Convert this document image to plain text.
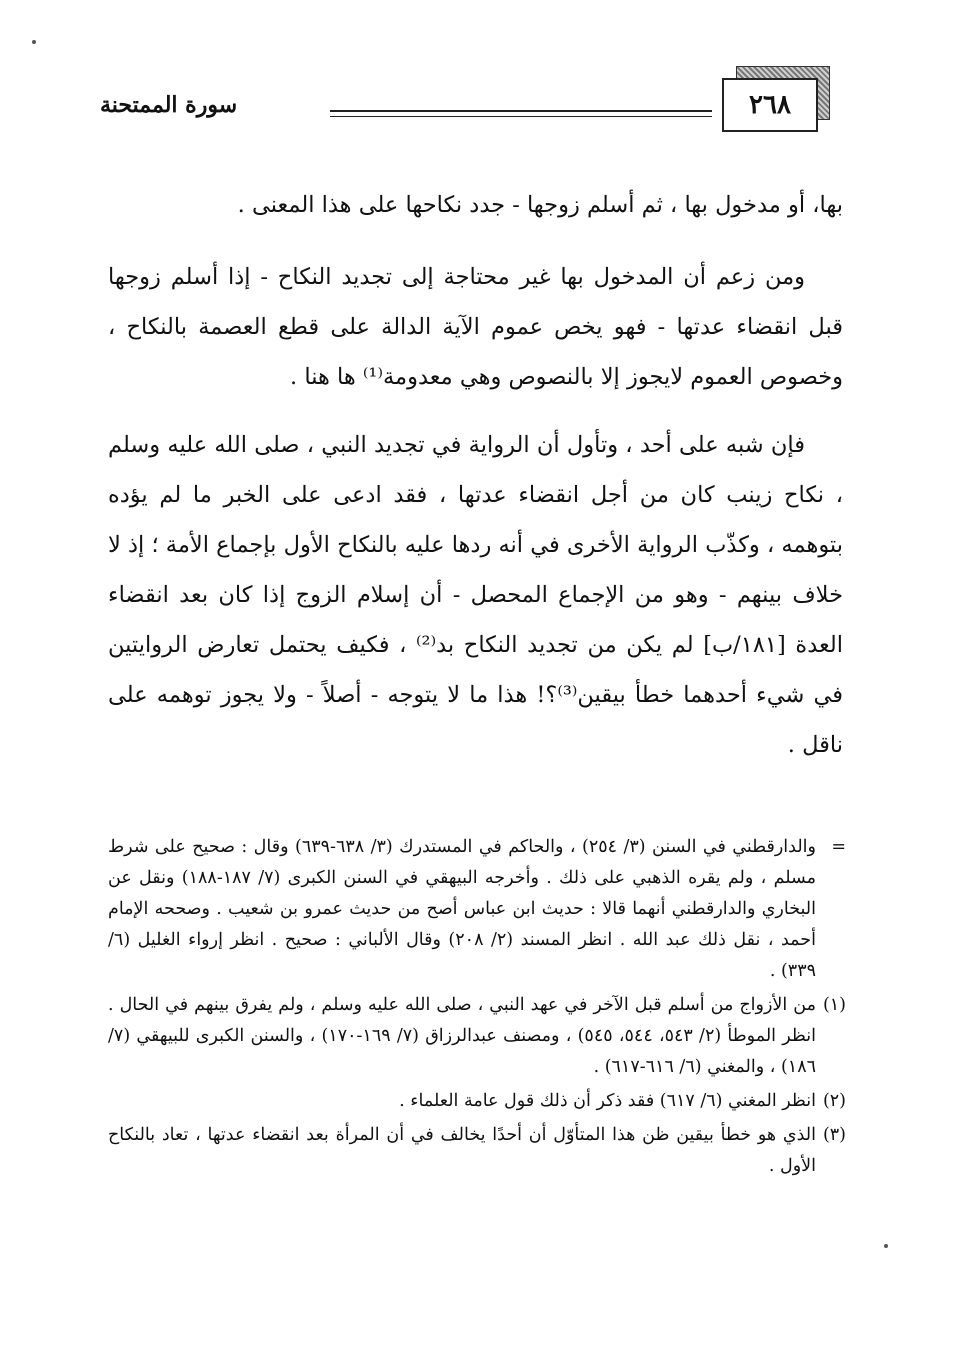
سورة الممتحنة	٢٦٨

بها، أو مدخول بها ، ثم أسلم زوجها - جدد نكاحها على هذا المعنى .

ومن زعم أن المدخول بها غير محتاجة إلى تجديد النكاح - إذا أسلم زوجها قبل انقضاء عدتها - فهو يخص عموم الآية الدالة على قطع العصمة بالنكاح ، وخصوص العموم لايجوز إلا بالنصوص وهي معدومة⁽¹⁾ ها هنا .

فإن شبه على أحد ، وتأول أن الرواية في تجديد النبي ، صلى الله عليه وسلم ، نكاح زينب كان من أجل انقضاء عدتها ، فقد ادعى على الخبر ما لم يؤده بتوهمه ، وكذّب الرواية الأخرى في أنه ردها عليه بالنكاح الأول بإجماع الأمة ؛ إذ لا خلاف بينهم - وهو من الإجماع المحصل - أن إسلام الزوج إذا كان بعد انقضاء العدة [١٨١/ب] لم يكن من تجديد النكاح بد⁽²⁾ ، فكيف يحتمل تعارض الروايتين في شيء أحدهما خطأ بيقين⁽³⁾؟! هذا ما لا يتوجه - أصلاً - ولا يجوز توهمه على ناقل .

=
والدارقطني في السنن (٣/ ٢٥٤) ، والحاكم في المستدرك (٣/ ٦٣٨-٦٣٩) وقال : صحيح على شرط مسلم ، ولم يقره الذهبي على ذلك . وأخرجه البيهقي في السنن الكبرى (٧/ ١٨٧-١٨٨) ونقل عن البخاري والدارقطني أنهما قالا : حديث ابن عباس أصح من حديث عمرو بن شعيب . وصححه الإمام أحمد ، نقل ذلك عبد الله . انظر المسند (٢/ ٢٠٨) وقال الألباني : صحيح . انظر إرواء الغليل (٦/ ٣٣٩) .
(١)
من الأزواج من أسلم قبل الآخر في عهد النبي ، صلى الله عليه وسلم ، ولم يفرق بينهم في الحال . انظر الموطأ (٢/ ٥٤٣، ٥٤٤، ٥٤٥) ، ومصنف عبدالرزاق (٧/ ١٦٩-١٧٠) ، والسنن الكبرى للبيهقي (٧/ ١٨٦) ، والمغني (٦/ ٦١٦-٦١٧) .
(٢)
انظر المغني (٦/ ٦١٧) فقد ذكر أن ذلك قول عامة العلماء .
(٣)
الذي هو خطأ بيقين ظن هذا المتأوّل أن أحدًا يخالف في أن المرأة بعد انقضاء عدتها ، تعاد بالنكاح الأول .
